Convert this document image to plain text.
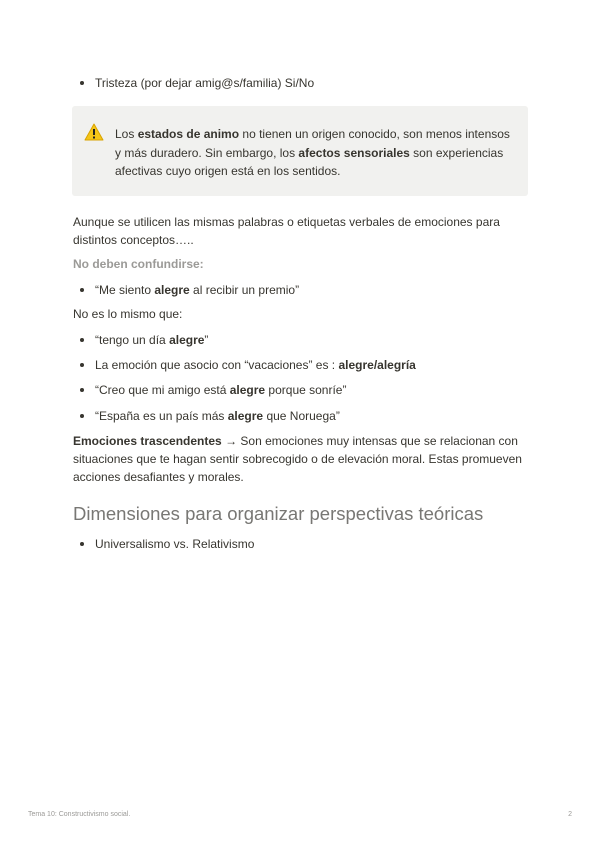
Tristeza (por dejar amig@s/familia) Si/No
Los estados de animo no tienen un origen conocido, son menos intensos y más duradero. Sin embargo, los afectos sensoriales son experiencias afectivas cuyo origen está en los sentidos.
Aunque se utilicen las mismas palabras o etiquetas verbales de emociones para distintos conceptos…..
No deben confundirse:
“Me siento alegre al recibir un premio”
No es lo mismo que:
“tengo un día alegre”
La emoción que asocio con “vacaciones” es : alegre/alegría
“Creo que mi amigo está alegre porque sonríe”
“España es un país más alegre que Noruega”
Emociones trascendentes → Son emociones muy intensas que se relacionan con situaciones que te hagan sentir sobrecogido o de elevación moral. Estas promueven acciones desafiantes y morales.
Dimensiones para organizar perspectivas teóricas
Universalismo vs. Relativismo
Tema 10: Constructivismo social.	2
